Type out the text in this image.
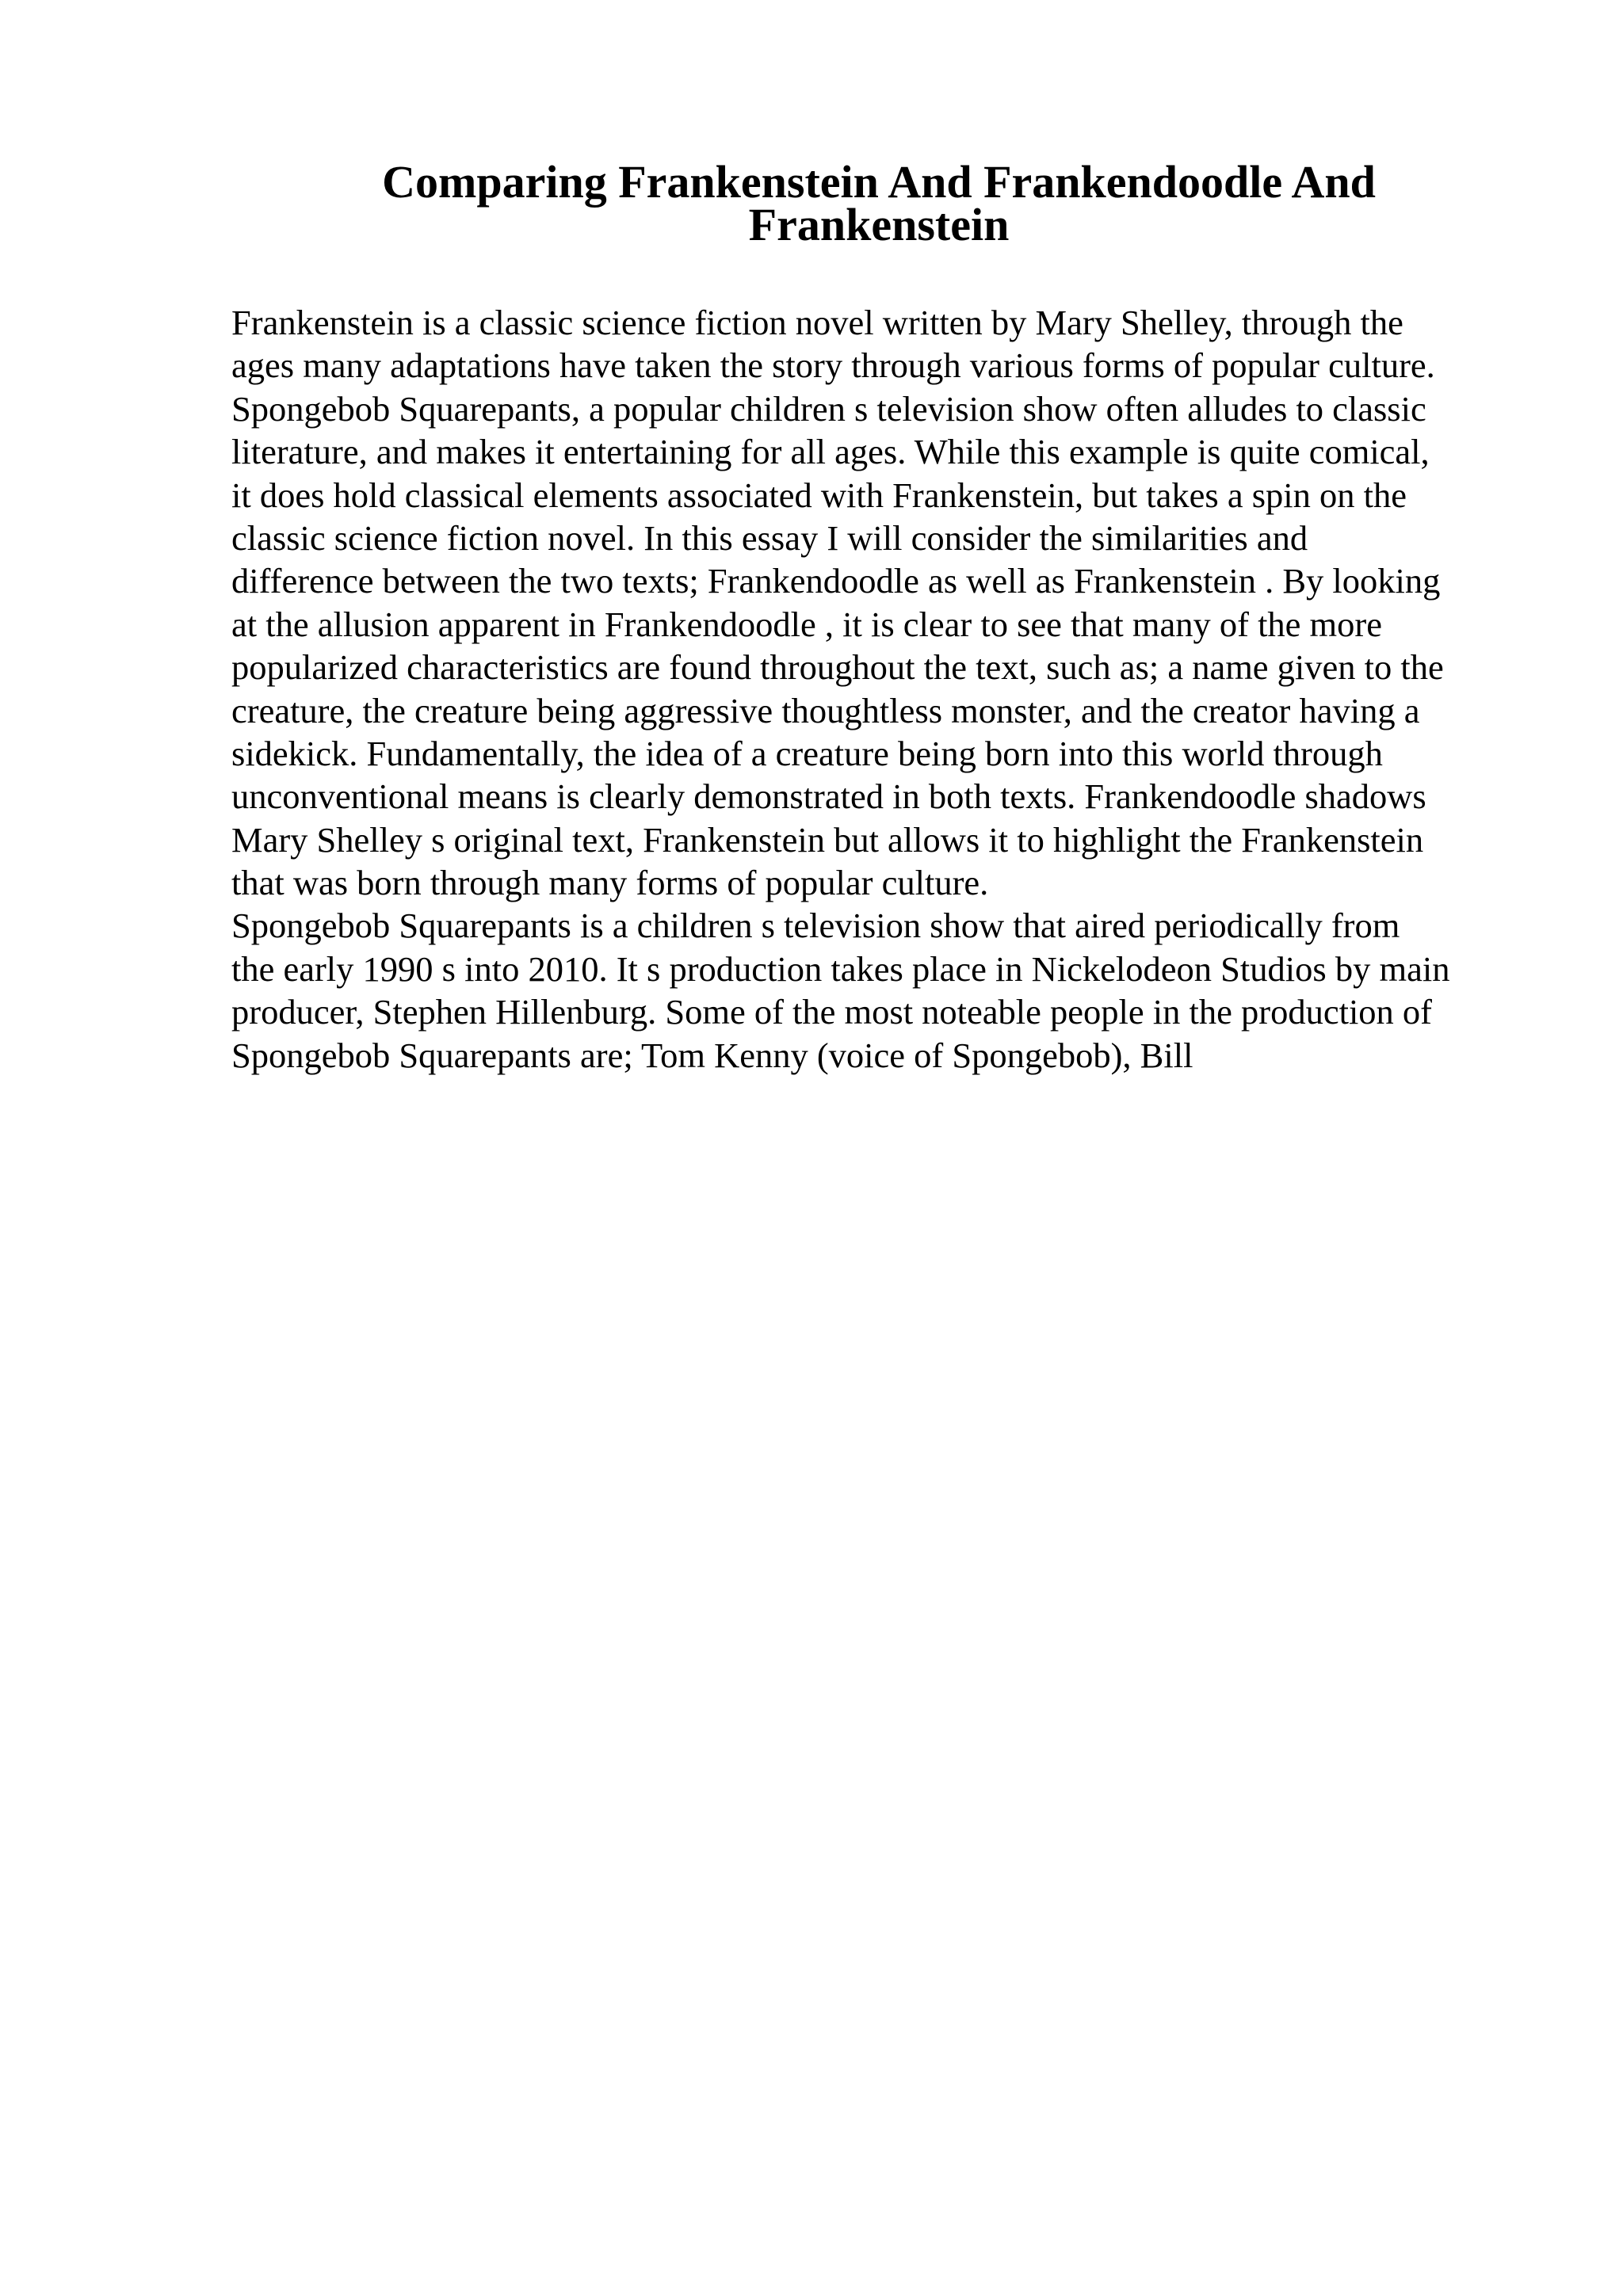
Comparing Frankenstein And Frankendoodle And
Frankenstein
Frankenstein is a classic science fiction novel written by Mary Shelley, through the
ages many adaptations have taken the story through various forms of popular culture.
Spongebob Squarepants, a popular children s television show often alludes to classic
literature, and makes it entertaining for all ages. While this example is quite comical,
it does hold classical elements associated with Frankenstein, but takes a spin on the
classic science fiction novel. In this essay I will consider the similarities and
difference between the two texts; Frankendoodle as well as Frankenstein . By looking
at the allusion apparent in Frankendoodle , it is clear to see that many of the more
popularized characteristics are found throughout the text, such as; a name given to the
creature, the creature being aggressive thoughtless monster, and the creator having a
sidekick. Fundamentally, the idea of a creature being born into this world through
unconventional means is clearly demonstrated in both texts. Frankendoodle shadows
Mary Shelley s original text, Frankenstein but allows it to highlight the Frankenstein
that was born through many forms of popular culture.
Spongebob Squarepants is a children s television show that aired periodically from
the early 1990 s into 2010. It s production takes place in Nickelodeon Studios by main
producer, Stephen Hillenburg. Some of the most noteable people in the production of
Spongebob Squarepants are; Tom Kenny (voice of Spongebob), Bill
